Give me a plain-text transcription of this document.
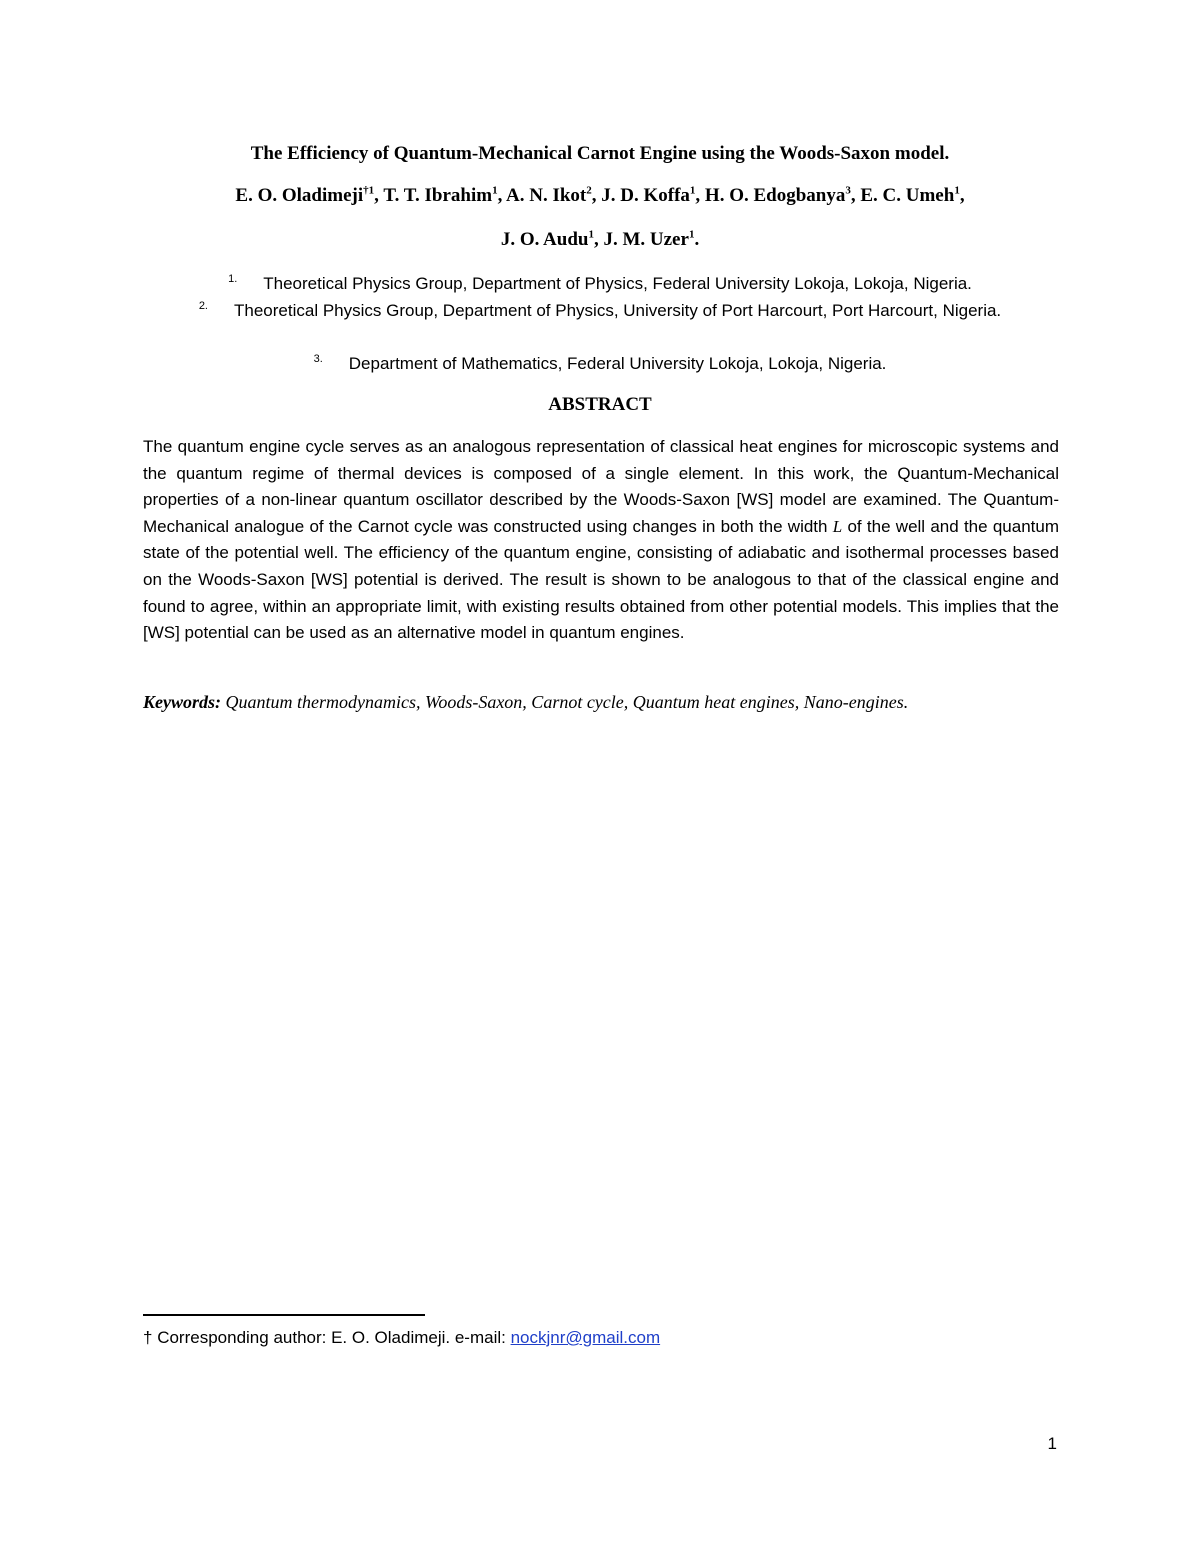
The Efficiency of Quantum-Mechanical Carnot Engine using the Woods-Saxon model.
E. O. Oladimeji$^{\dagger 1}$, T. T. Ibrahim$^1$, A. N. Ikot$^2$, J. D. Koffa$^1$, H. O. Edogbanya$^3$, E. C. Umeh$^1$,
J. O. Audu$^1$, J. M. Uzer$^1$.
$^{1.}$ Theoretical Physics Group, Department of Physics, Federal University Lokoja, Lokoja, Nigeria.
$^{2.}$ Theoretical Physics Group, Department of Physics, University of Port Harcourt, Port Harcourt, Nigeria.
$^{3.}$ Department of Mathematics, Federal University Lokoja, Lokoja, Nigeria.
ABSTRACT
The quantum engine cycle serves as an analogous representation of classical heat engines for microscopic systems and the quantum regime of thermal devices is composed of a single element. In this work, the Quantum-Mechanical properties of a non-linear quantum oscillator described by the Woods-Saxon [WS] model are examined. The Quantum-Mechanical analogue of the Carnot cycle was constructed using changes in both the width L of the well and the quantum state of the potential well. The efficiency of the quantum engine, consisting of adiabatic and isothermal processes based on the Woods-Saxon [WS] potential is derived. The result is shown to be analogous to that of the classical engine and found to agree, within an appropriate limit, with existing results obtained from other potential models. This implies that the [WS] potential can be used as an alternative model in quantum engines.
Keywords: Quantum thermodynamics, Woods-Saxon, Carnot cycle, Quantum heat engines, Nano-engines.
† Corresponding author: E. O. Oladimeji. e-mail: nockjnr@gmail.com
1
